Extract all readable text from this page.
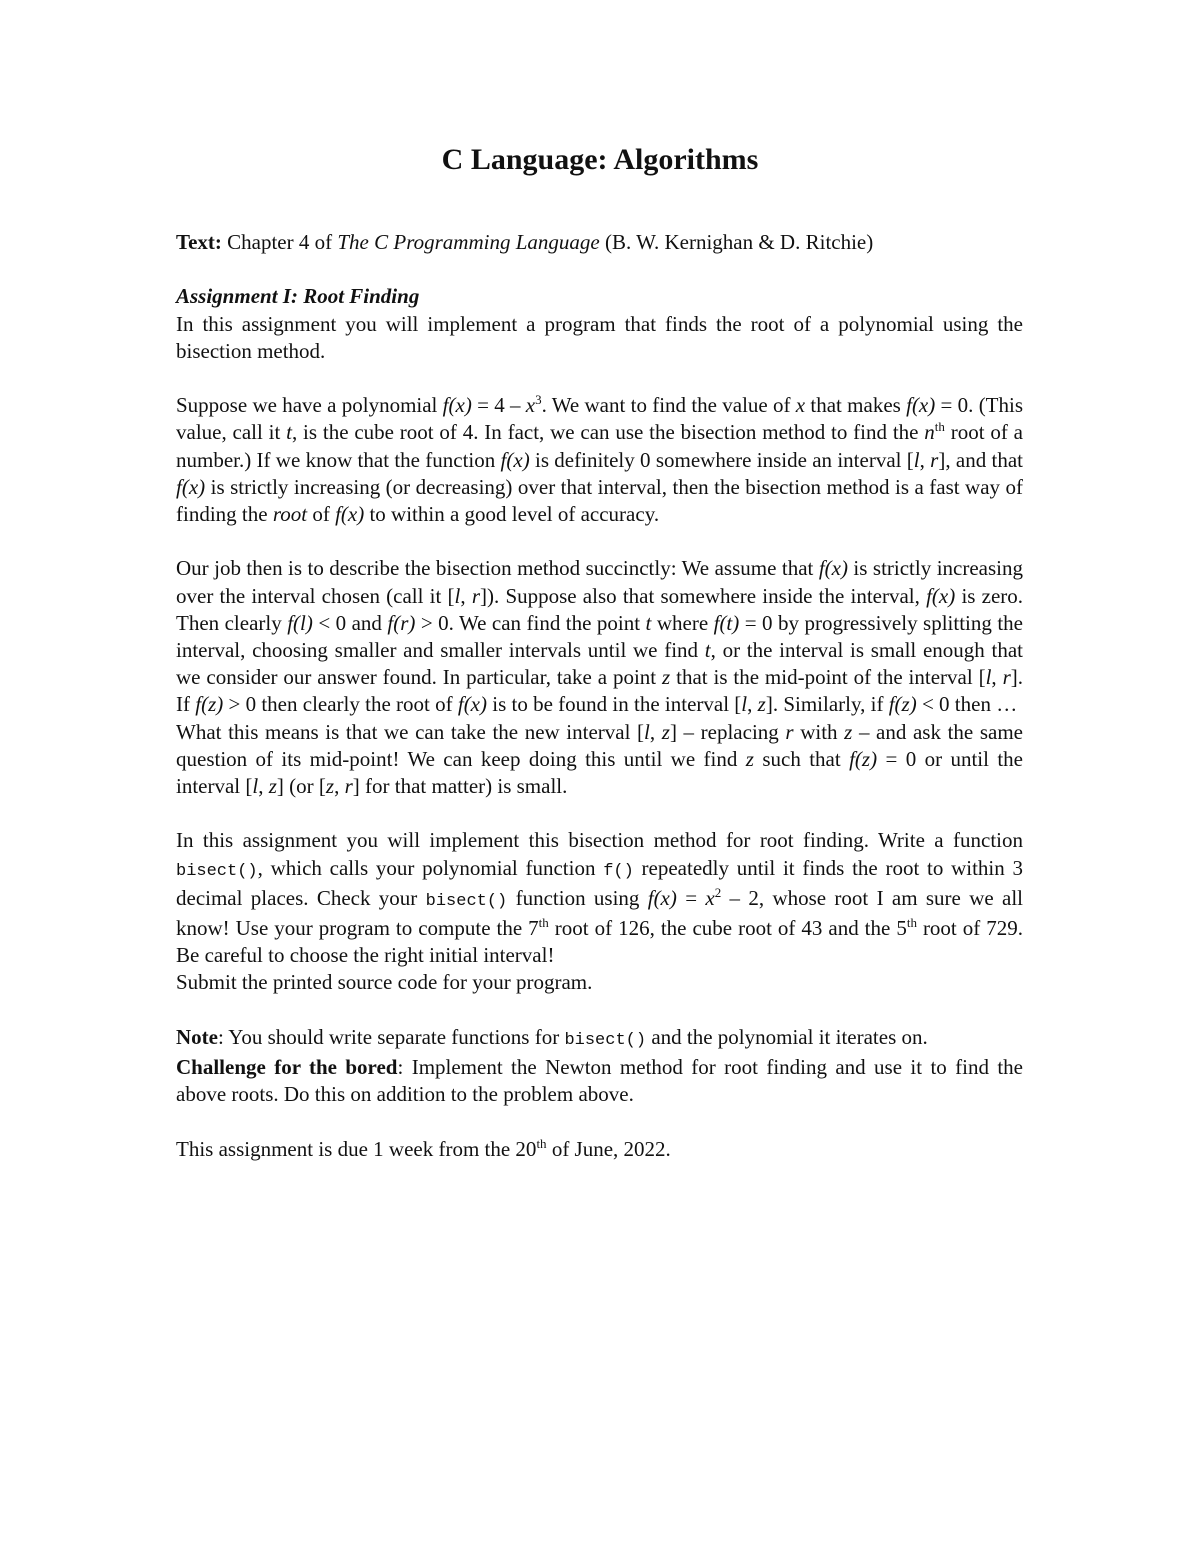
C Language: Algorithms

Text: Chapter 4 of The C Programming Language (B. W. Kernighan & D. Ritchie)

Assignment I: Root Finding

In this assignment you will implement a program that finds the root of a polynomial using the bisection method.

Suppose we have a polynomial $f(x) = 4 - x^3$. We want to find the value of x that makes f(x) = 0. (This value, call it t, is the cube root of 4. In fact, we can use the bisection method to find the $n^{th}$ root of a number.) If we know that the function f(x) is definitely 0 somewhere inside an interval [l, r], and that f(x) is strictly increasing (or decreasing) over that interval, then the bisection method is a fast way of finding the root of f(x) to within a good level of accuracy.

Our job then is to describe the bisection method succinctly: We assume that f(x) is strictly increasing over the interval chosen (call it [l, r]). Suppose also that somewhere inside the interval, f(x) is zero. Then clearly f(l) < 0 and f(r) > 0. We can find the point t where f(t) = 0 by progressively splitting the interval, choosing smaller and smaller intervals until we find t, or the interval is small enough that we consider our answer found. In particular, take a point z that is the mid-point of the interval [l, r]. If f(z) > 0 then clearly the root of f(x) is to be found in the interval [l, z]. Similarly, if f(z) < 0 then …

What this means is that we can take the new interval [l, z] – replacing r with z – and ask the same question of its mid-point! We can keep doing this until we find z such that f(z) = 0 or until the interval [l, z] (or [z, r] for that matter) is small.

In this assignment you will implement this bisection method for root finding. Write a function bisect(), which calls your polynomial function f() repeatedly until it finds the root to within 3 decimal places. Check your bisect() function using $f(x) = x^2 - 2$, whose root I am sure we all know! Use your program to compute the 7th root of 126, the cube root of 43 and the 5th root of 729. Be careful to choose the right initial interval!

Submit the printed source code for your program.

Note: You should write separate functions for bisect() and the polynomial it iterates on.

Challenge for the bored: Implement the Newton method for root finding and use it to find the above roots. Do this on addition to the problem above.

This assignment is due 1 week from the 20th of June, 2022.
